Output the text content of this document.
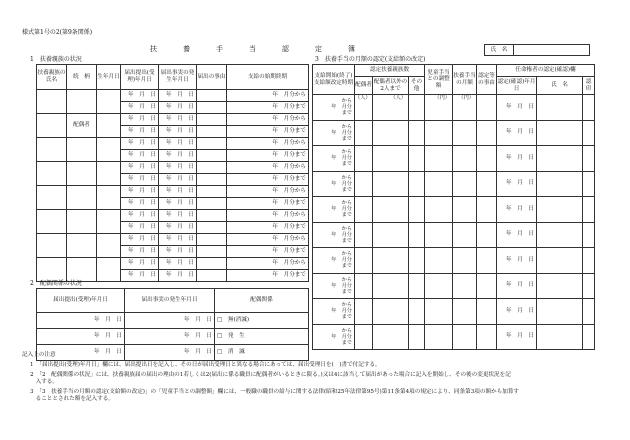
様式第1号の2(第9条関係)
扶養手当認定簿	氏　名	
1　扶養親族の状況
扶養親族の氏名	続　柄	生年月日	届出提出(受理)年月日	届出事実の発生年月日	届出の事由	支給の始期終期
			年　月　日	年　月　日		年　月分から
			年　月　日	年　月　日		年　月分まで
	配偶者		年　月　日	年　月　日		年　月分から
			年　月　日	年　月　日		年　月分まで
			年　月　日	年　月　日		年　月分から
			年　月　日	年　月　日		年　月分まで
			年　月　日	年　月　日		年　月分から
			年　月　日	年　月　日		年　月分まで
			年　月　日	年　月　日		年　月分から
			年　月　日	年　月　日		年　月分まで
			年　月　日	年　月　日		年　月分から
			年　月　日	年　月　日		年　月分まで
			年　月　日	年　月　日		年　月分から
			年　月　日	年　月　日		年　月分まで
			年　月　日	年　月　日		年　月分から
			年　月　日	年　月　日		年　月分まで
2　配偶関係の状況
届出提出(受理)年月日	届出事実の発生年月日	配偶関係
年　月　日	年　月　日	□　無(消滅)
年　月　日	年　月　日	□　発　生
年　月　日	年　月　日	□　消　滅
3　扶養手当の月額の認定(支給額の改定)
支給開始(終了)支給額改定時期	認定扶養親族数			児童手当との調整額	扶養手当の月額	認定等の事由	任命権者の認定(確認)欄		
	配偶者	配偶者以外の2人まで	その他				認定(確認)年月日	氏　名	認印

から
年　月分
まで	（人）	（人）		（円）	（円）		年　月　日		

から
年　月分
まで							年　月　日		

から
年　月分
まで							年　月　日		

から
年　月分
まで							年　月　日		

から
年　月分
まで							年　月　日		

から
年　月分
まで							年　月　日		

から
年　月分
まで							年　月　日		

から
年　月分
まで							年　月　日		

から
年　月分
まで							年　月　日		

から
年　月分
まで							年　月　日		
記入上の注意
1　「届出提出(受理)年月日」欄には、届出提出日を記入し、その日が届出受理日と異なる場合にあっては、届出受理日を(　)書で付記する。
2　「2　配偶関係の状況」には、扶養親族届の届出の理由の1若しくは2(届出に係る職員に配偶者がいるときに限る。)又は4に該当して届出があった場合に記入を開始し、その後の変更状況を記
　入する。
3　「3　扶養手当の月額の認定(支給額の改定)」の「児童手当との調整額」欄には、一般職の職員の給与に関する法律(昭和25年法律第95号)第11条第4項の規定により、同条第3項の額から加算す
　ることとされた額を記入する。
